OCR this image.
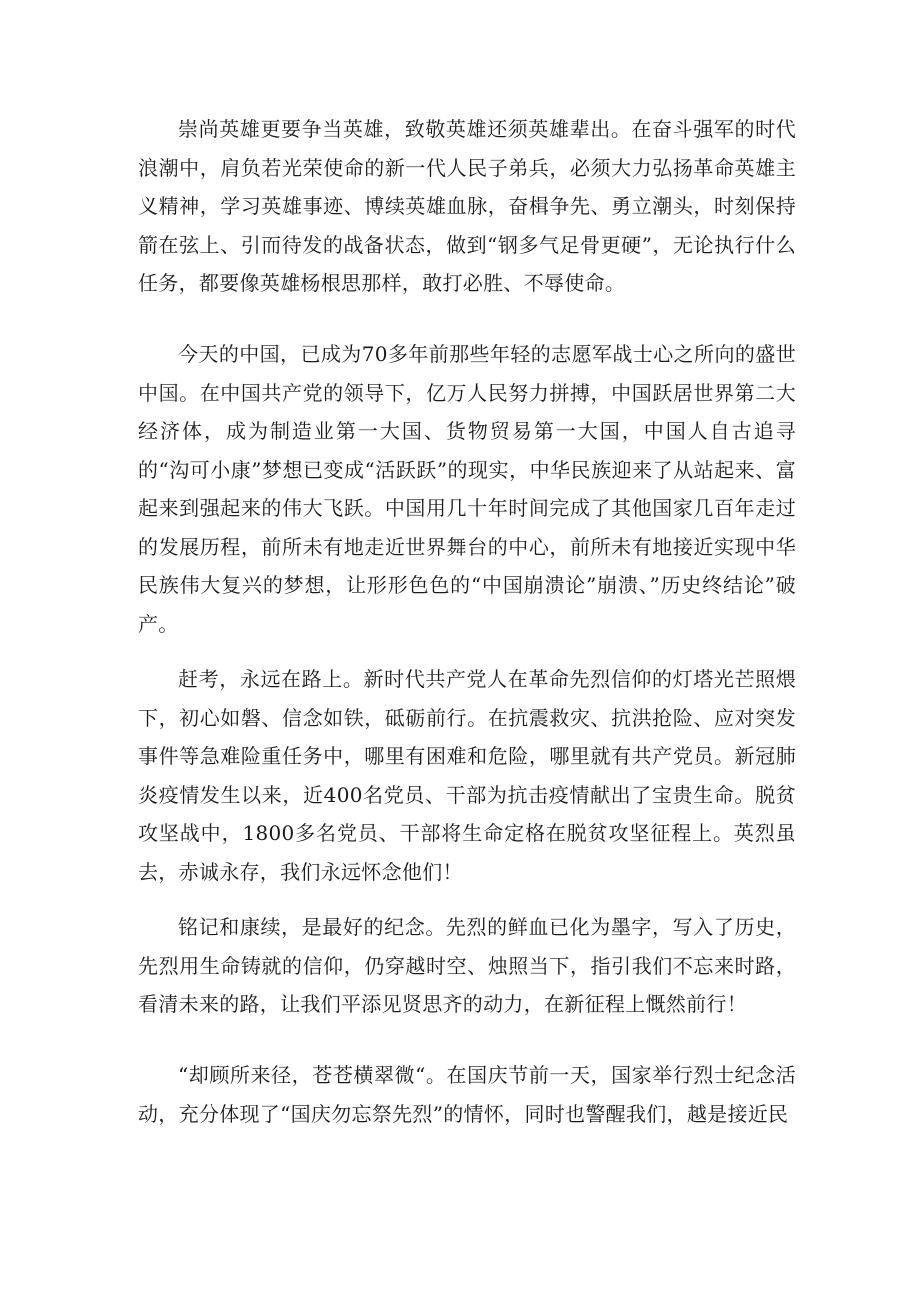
崇尚英雄更要争当英雄，致敬英雄还须英雄辈出。在奋斗强军的时代浪潮中，肩负若光荣使命的新一代人民子弟兵，必须大力弘扬革命英雄主义精神，学习英雄事迹、博续英雄血脉，奋楫争先、勇立潮头，时刻保持箭在弦上、引而待发的战备状态，做到“钢多气足骨更硬”，无论执行什么任务，都要像英雄杨根思那样，敢打必胜、不辱使命。

今天的中国，已成为70多年前那些年轻的志愿军战士心之所向的盛世中国。在中国共产党的领导下，亿万人民努力拼搏，中国跃居世界第二大经济体，成为制造业第一大国、货物贸易第一大国，中国人自古追寻的“沟可小康”梦想已变成“活跃跃”的现实，中华民族迎来了从站起来、富起来到强起来的伟大飞跃。中国用几十年时间完成了其他国家几百年走过的发展历程，前所未有地走近世界舞台的中心，前所未有地接近实现中华民族伟大复兴的梦想，让形形色色的“中国崩溃论”崩溃、”历史终结论”破产。

赶考，永远在路上。新时代共产党人在革命先烈信仰的灯塔光芒照煨下，初心如磐、信念如铁，砥砺前行。在抗震救灾、抗洪抢险、应对突发事件等急难险重任务中，哪里有困难和危险，哪里就有共产党员。新冠肺炎疫情发生以来，近400名党员、干部为抗击疫情献出了宝贵生命。脱贫攻坚战中，1800多名党员、干部将生命定格在脱贫攻坚征程上。英烈虽去，赤诚永存，我们永远怀念他们！

铭记和康续，是最好的纪念。先烈的鲜血已化为墨字，写入了历史，先烈用生命铸就的信仰，仍穿越时空、烛照当下，指引我们不忘来时路，看清未来的路，让我们平添见贤思齐的动力，在新征程上慨然前行！

“却顾所来径，苍苍横翠微“。在国庆节前一天，国家举行烈士纪念活动，充分体现了“国庆勿忘祭先烈”的情怀，同时也警醒我们，越是接近民
